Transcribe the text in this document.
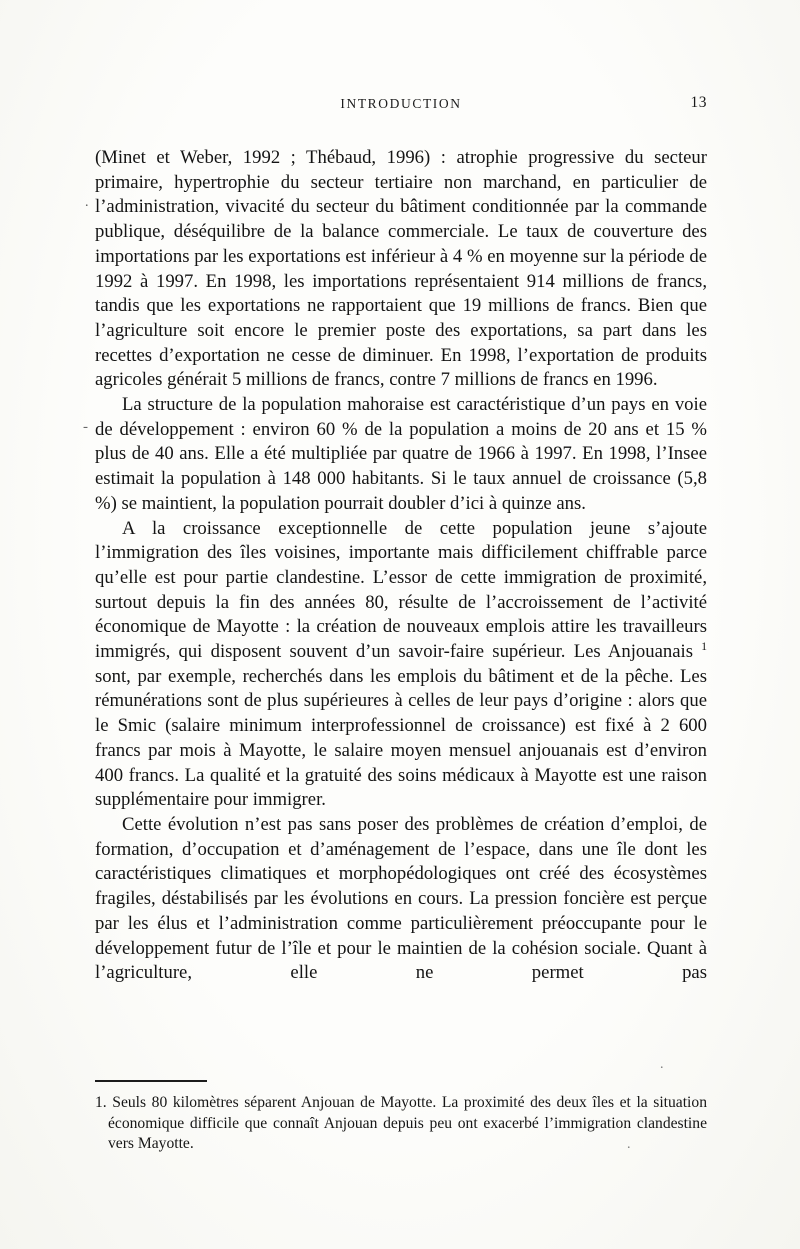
INTRODUCTION	13

(Minet et Weber, 1992 ; Thébaud, 1996) : atrophie progressive du secteur primaire, hypertrophie du secteur tertiaire non marchand, en particulier de l’administration, vivacité du secteur du bâtiment conditionnée par la commande publique, déséquilibre de la balance commerciale. Le taux de couverture des importations par les exportations est inférieur à 4 % en moyenne sur la période de 1992 à 1997. En 1998, les importations représentaient 914 millions de francs, tandis que les exportations ne rapportaient que 19 millions de francs. Bien que l’agriculture soit encore le premier poste des exportations, sa part dans les recettes d’exportation ne cesse de diminuer. En 1998, l’exportation de produits agricoles générait 5 millions de francs, contre 7 millions de francs en 1996.

La structure de la population mahoraise est caractéristique d’un pays en voie de développement : environ 60 % de la population a moins de 20 ans et 15 % plus de 40 ans. Elle a été multipliée par quatre de 1966 à 1997. En 1998, l’Insee estimait la population à 148 000 habitants. Si le taux annuel de croissance (5,8 %) se maintient, la population pourrait doubler d’ici à quinze ans.

A la croissance exceptionnelle de cette population jeune s’ajoute l’immigration des îles voisines, importante mais difficilement chiffrable parce qu’elle est pour partie clandestine. L’essor de cette immigration de proximité, surtout depuis la fin des années 80, résulte de l’accroissement de l’activité économique de Mayotte : la création de nouveaux emplois attire les travailleurs immigrés, qui disposent souvent d’un savoir-faire supérieur. Les Anjouanais $^1$ sont, par exemple, recherchés dans les emplois du bâtiment et de la pêche. Les rémunérations sont de plus supérieures à celles de leur pays d’origine : alors que le Smic (salaire minimum interprofessionnel de croissance) est fixé à 2 600 francs par mois à Mayotte, le salaire moyen mensuel anjouanais est d’environ 400 francs. La qualité et la gratuité des soins médicaux à Mayotte est une raison supplémentaire pour immigrer.

Cette évolution n’est pas sans poser des problèmes de création d’emploi, de formation, d’occupation et d’aménagement de l’espace, dans une île dont les caractéristiques climatiques et morphopédologiques ont créé des écosystèmes fragiles, déstabilisés par les évolutions en cours. La pression foncière est perçue par les élus et l’administration comme particulièrement préoccupante pour le développement futur de l’île et pour le maintien de la cohésion sociale. Quant à l’agriculture, elle ne permet pas

1. Seuls 80 kilomètres séparent Anjouan de Mayotte. La proximité des deux îles et la situation économique difficile que connaît Anjouan depuis peu ont exacerbé l’immigration clandestine vers Mayotte.

.
-
.
.
